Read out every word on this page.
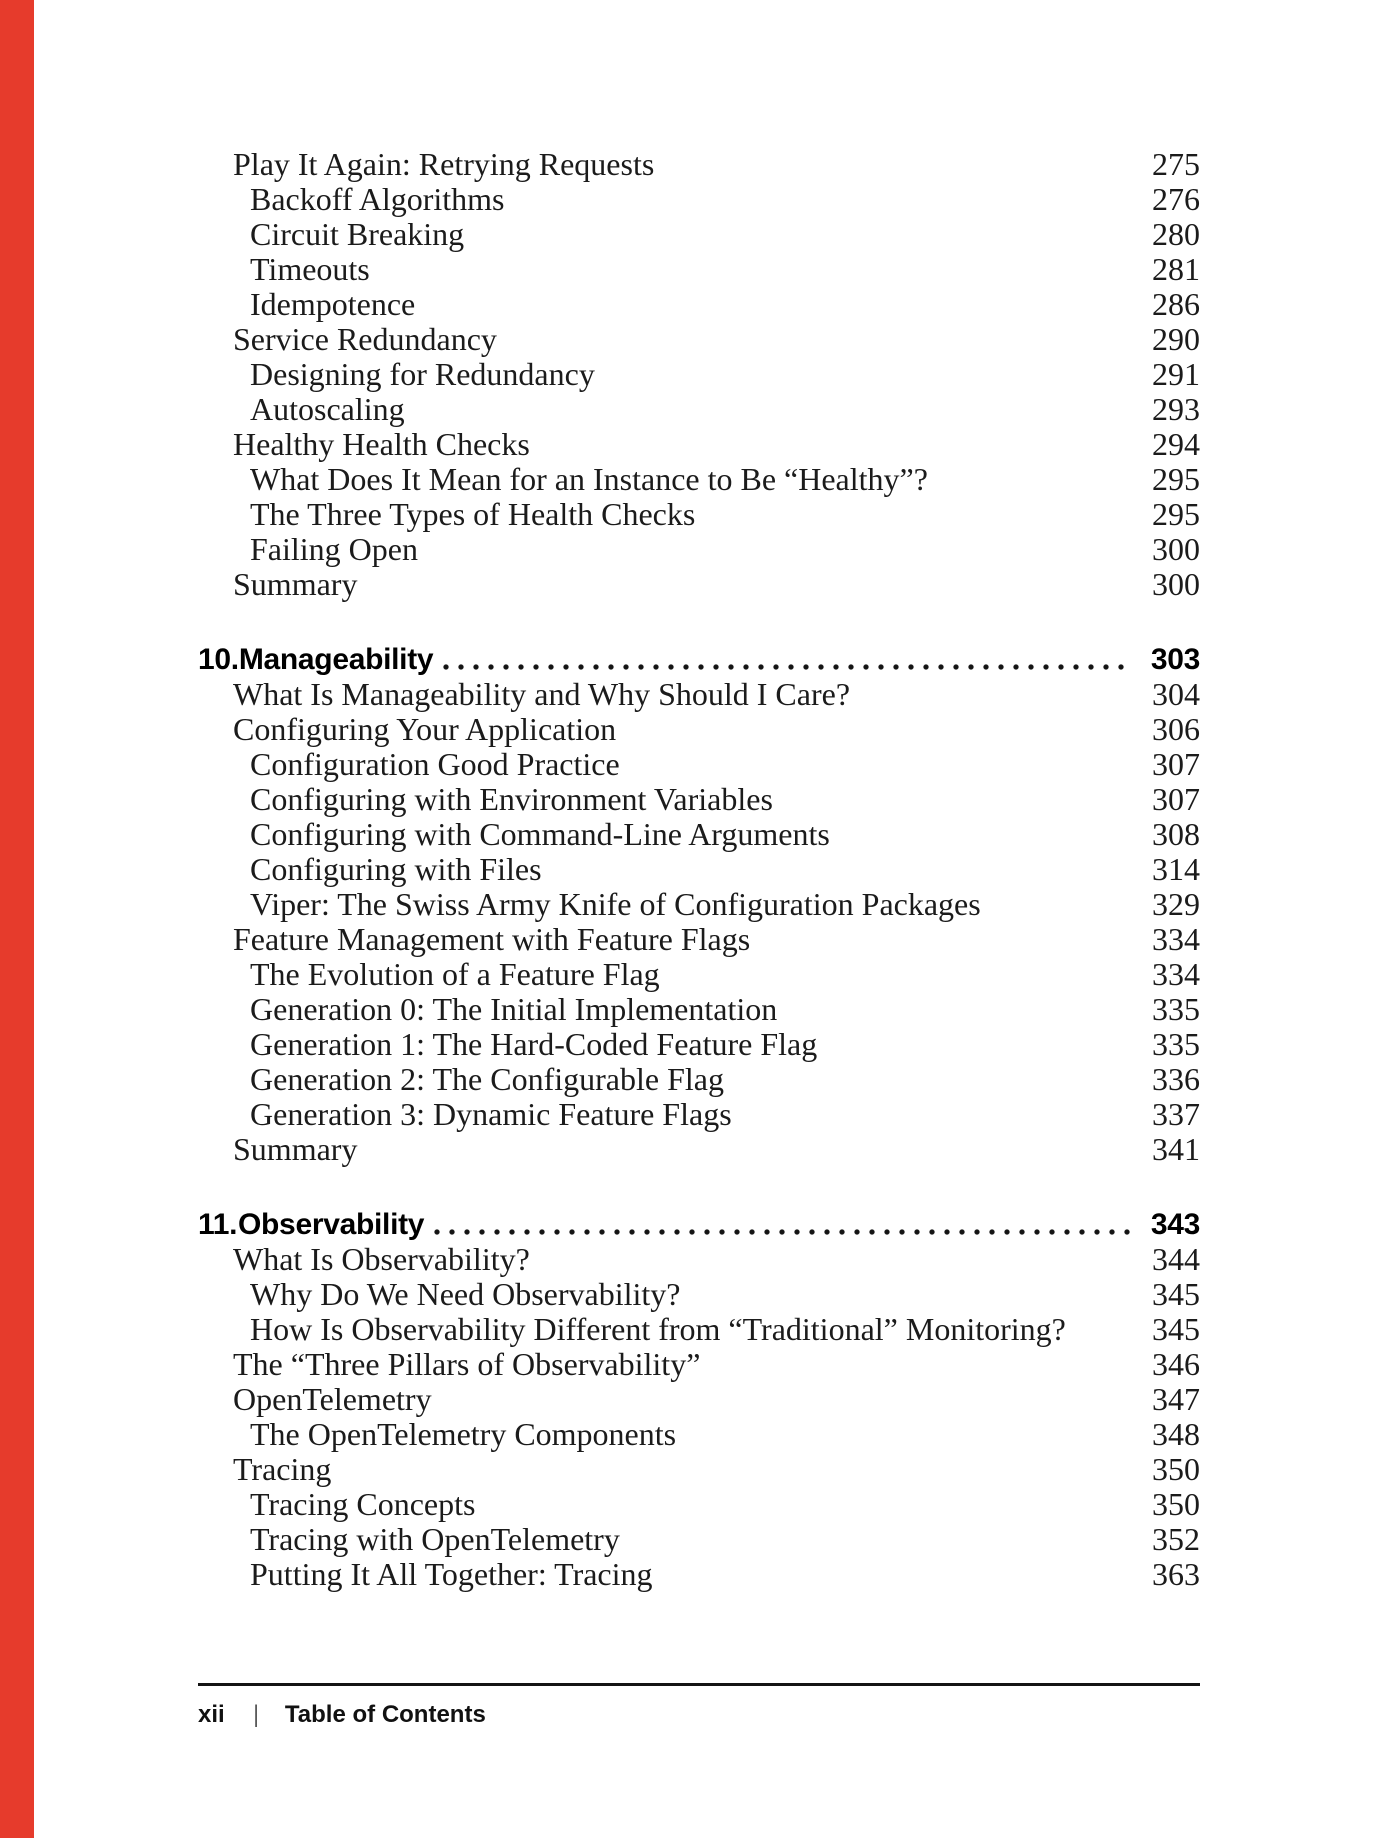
Play It Again: Retrying Requests	275
Backoff Algorithms	276
Circuit Breaking	280
Timeouts	281
Idempotence	286
Service Redundancy	290
Designing for Redundancy	291
Autoscaling	293
Healthy Health Checks	294
What Does It Mean for an Instance to Be “Healthy”?	295
The Three Types of Health Checks	295
Failing Open	300
Summary	300
10. Manageability	303
What Is Manageability and Why Should I Care?	304
Configuring Your Application	306
Configuration Good Practice	307
Configuring with Environment Variables	307
Configuring with Command-Line Arguments	308
Configuring with Files	314
Viper: The Swiss Army Knife of Configuration Packages	329
Feature Management with Feature Flags	334
The Evolution of a Feature Flag	334
Generation 0: The Initial Implementation	335
Generation 1: The Hard-Coded Feature Flag	335
Generation 2: The Configurable Flag	336
Generation 3: Dynamic Feature Flags	337
Summary	341
11. Observability	343
What Is Observability?	344
Why Do We Need Observability?	345
How Is Observability Different from “Traditional” Monitoring?	345
The “Three Pillars of Observability”	346
OpenTelemetry	347
The OpenTelemetry Components	348
Tracing	350
Tracing Concepts	350
Tracing with OpenTelemetry	352
Putting It All Together: Tracing	363
xii | Table of Contents
